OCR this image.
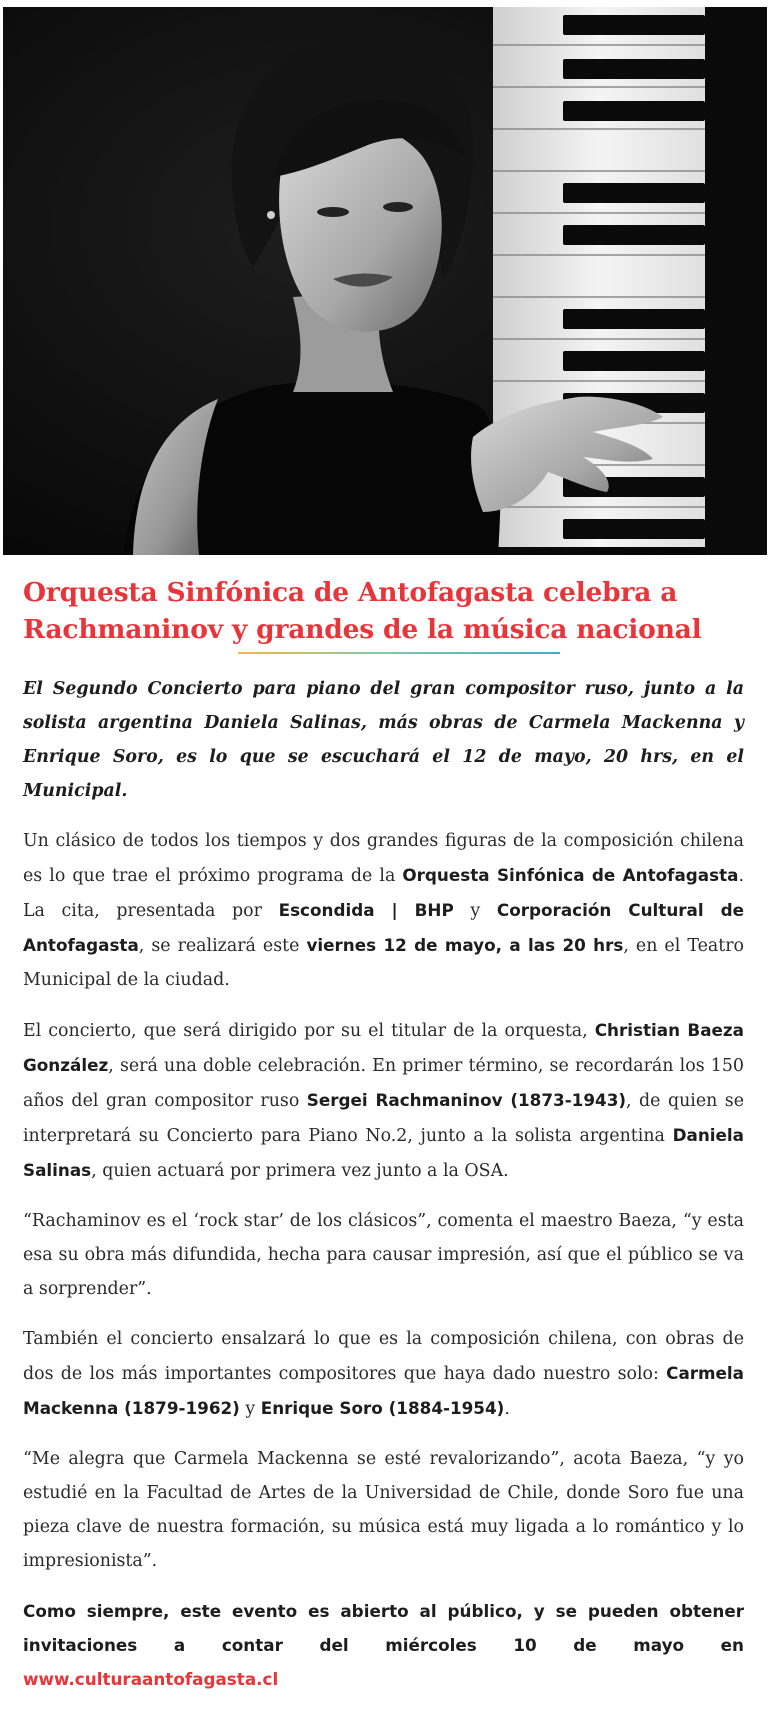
Orquesta Sinfónica de Antofagasta celebra a Rachmaninov y grandes de la música nacional

El Segundo Concierto para piano del gran compositor ruso, junto a la solista argentina Daniela Salinas, más obras de Carmela Mackenna y Enrique Soro, es lo que se escuchará el 12 de mayo, 20 hrs, en el Municipal.

Un clásico de todos los tiempos y dos grandes figuras de la composición chilena es lo que trae el próximo programa de la Orquesta Sinfónica de Antofagasta. La cita, presentada por Escondida | BHP y Corporación Cultural de Antofagasta, se realizará este viernes 12 de mayo, a las 20 hrs, en el Teatro Municipal de la ciudad.

El concierto, que será dirigido por su el titular de la orquesta, Christian Baeza González, será una doble celebración. En primer término, se recordarán los 150 años del gran compositor ruso Sergei Rachmaninov (1873-1943), de quien se interpretará su Concierto para Piano No.2, junto a la solista argentina Daniela Salinas, quien actuará por primera vez junto a la OSA.

“Rachaminov es el ‘rock star’ de los clásicos”, comenta el maestro Baeza, “y esta esa su obra más difundida, hecha para causar impresión, así que el público se va a sorprender”.

También el concierto ensalzará lo que es la composición chilena, con obras de dos de los más importantes compositores que haya dado nuestro solo: Carmela Mackenna (1879-1962) y Enrique Soro (1884-1954).

“Me alegra que Carmela Mackenna se esté revalorizando”, acota Baeza, “y yo estudié en la Facultad de Artes de la Universidad de Chile, donde Soro fue una pieza clave de nuestra formación, su música está muy ligada a lo romántico y lo impresionista”.

Como siempre, este evento es abierto al público, y se pueden obtener invitaciones a contar del miércoles 10 de mayo en www.culturaantofagasta.cl
